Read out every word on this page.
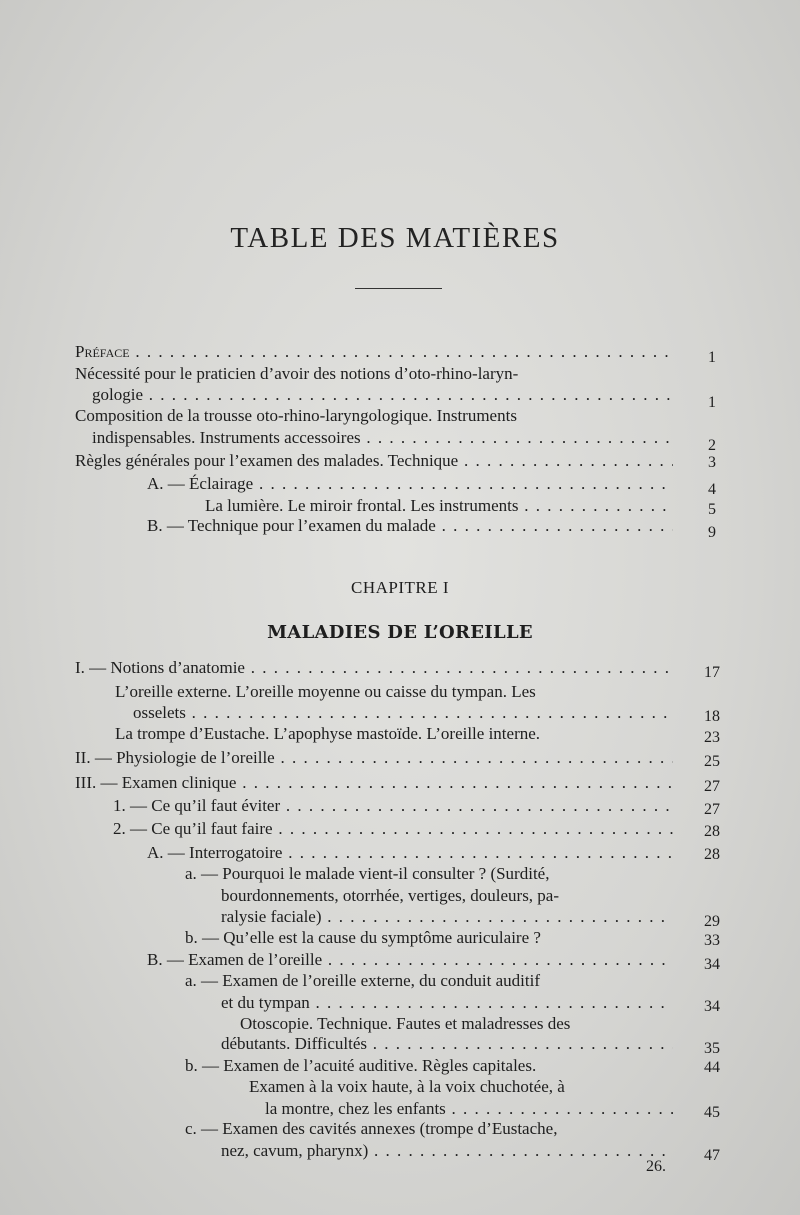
TABLE DES MATIÈRES
Préface . . .	1
Nécessité pour le praticien d’avoir des notions d’oto-rhino-laryn-
gologie . . .	1
Composition de la trousse oto-rhino-laryngologique. Instruments
indispensables. Instruments accessoires . . .	2
Règles générales pour l’examen des malades. Technique . . .	3
A. — Éclairage . . .	4
La lumière. Le miroir frontal. Les instruments . . .	5
B. — Technique pour l’examen du malade . . .	9
CHAPITRE I
MALADIES DE L’OREILLE
I. — Notions d’anatomie . . .	17
L’oreille externe. L’oreille moyenne ou caisse du tympan. Les
osselets . . .	18
La trompe d’Eustache. L’apophyse mastoïde. L’oreille interne.	23
II. — Physiologie de l’oreille . . .	25
III. — Examen clinique . . .	27
1. — Ce qu’il faut éviter . . .	27
2. — Ce qu’il faut faire . . .	28
A. — Interrogatoire . . .	28
a. — Pourquoi le malade vient-il consulter ? (Surdité,
bourdonnements, otorrhée, vertiges, douleurs, pa-
ralysie faciale) . . .	29
b. — Qu’elle est la cause du symptôme auriculaire ?	33
B. — Examen de l’oreille . . .	34
a. — Examen de l’oreille externe, du conduit auditif
et du tympan . . .	34
Otoscopie. Technique. Fautes et maladresses des
débutants. Difficultés . . .	35
b. — Examen de l’acuité auditive. Règles capitales.	44
Examen à la voix haute, à la voix chuchotée, à
la montre, chez les enfants . . .	45
c. — Examen des cavités annexes (trompe d’Eustache,
nez, cavum, pharynx) . . .	47
26.
